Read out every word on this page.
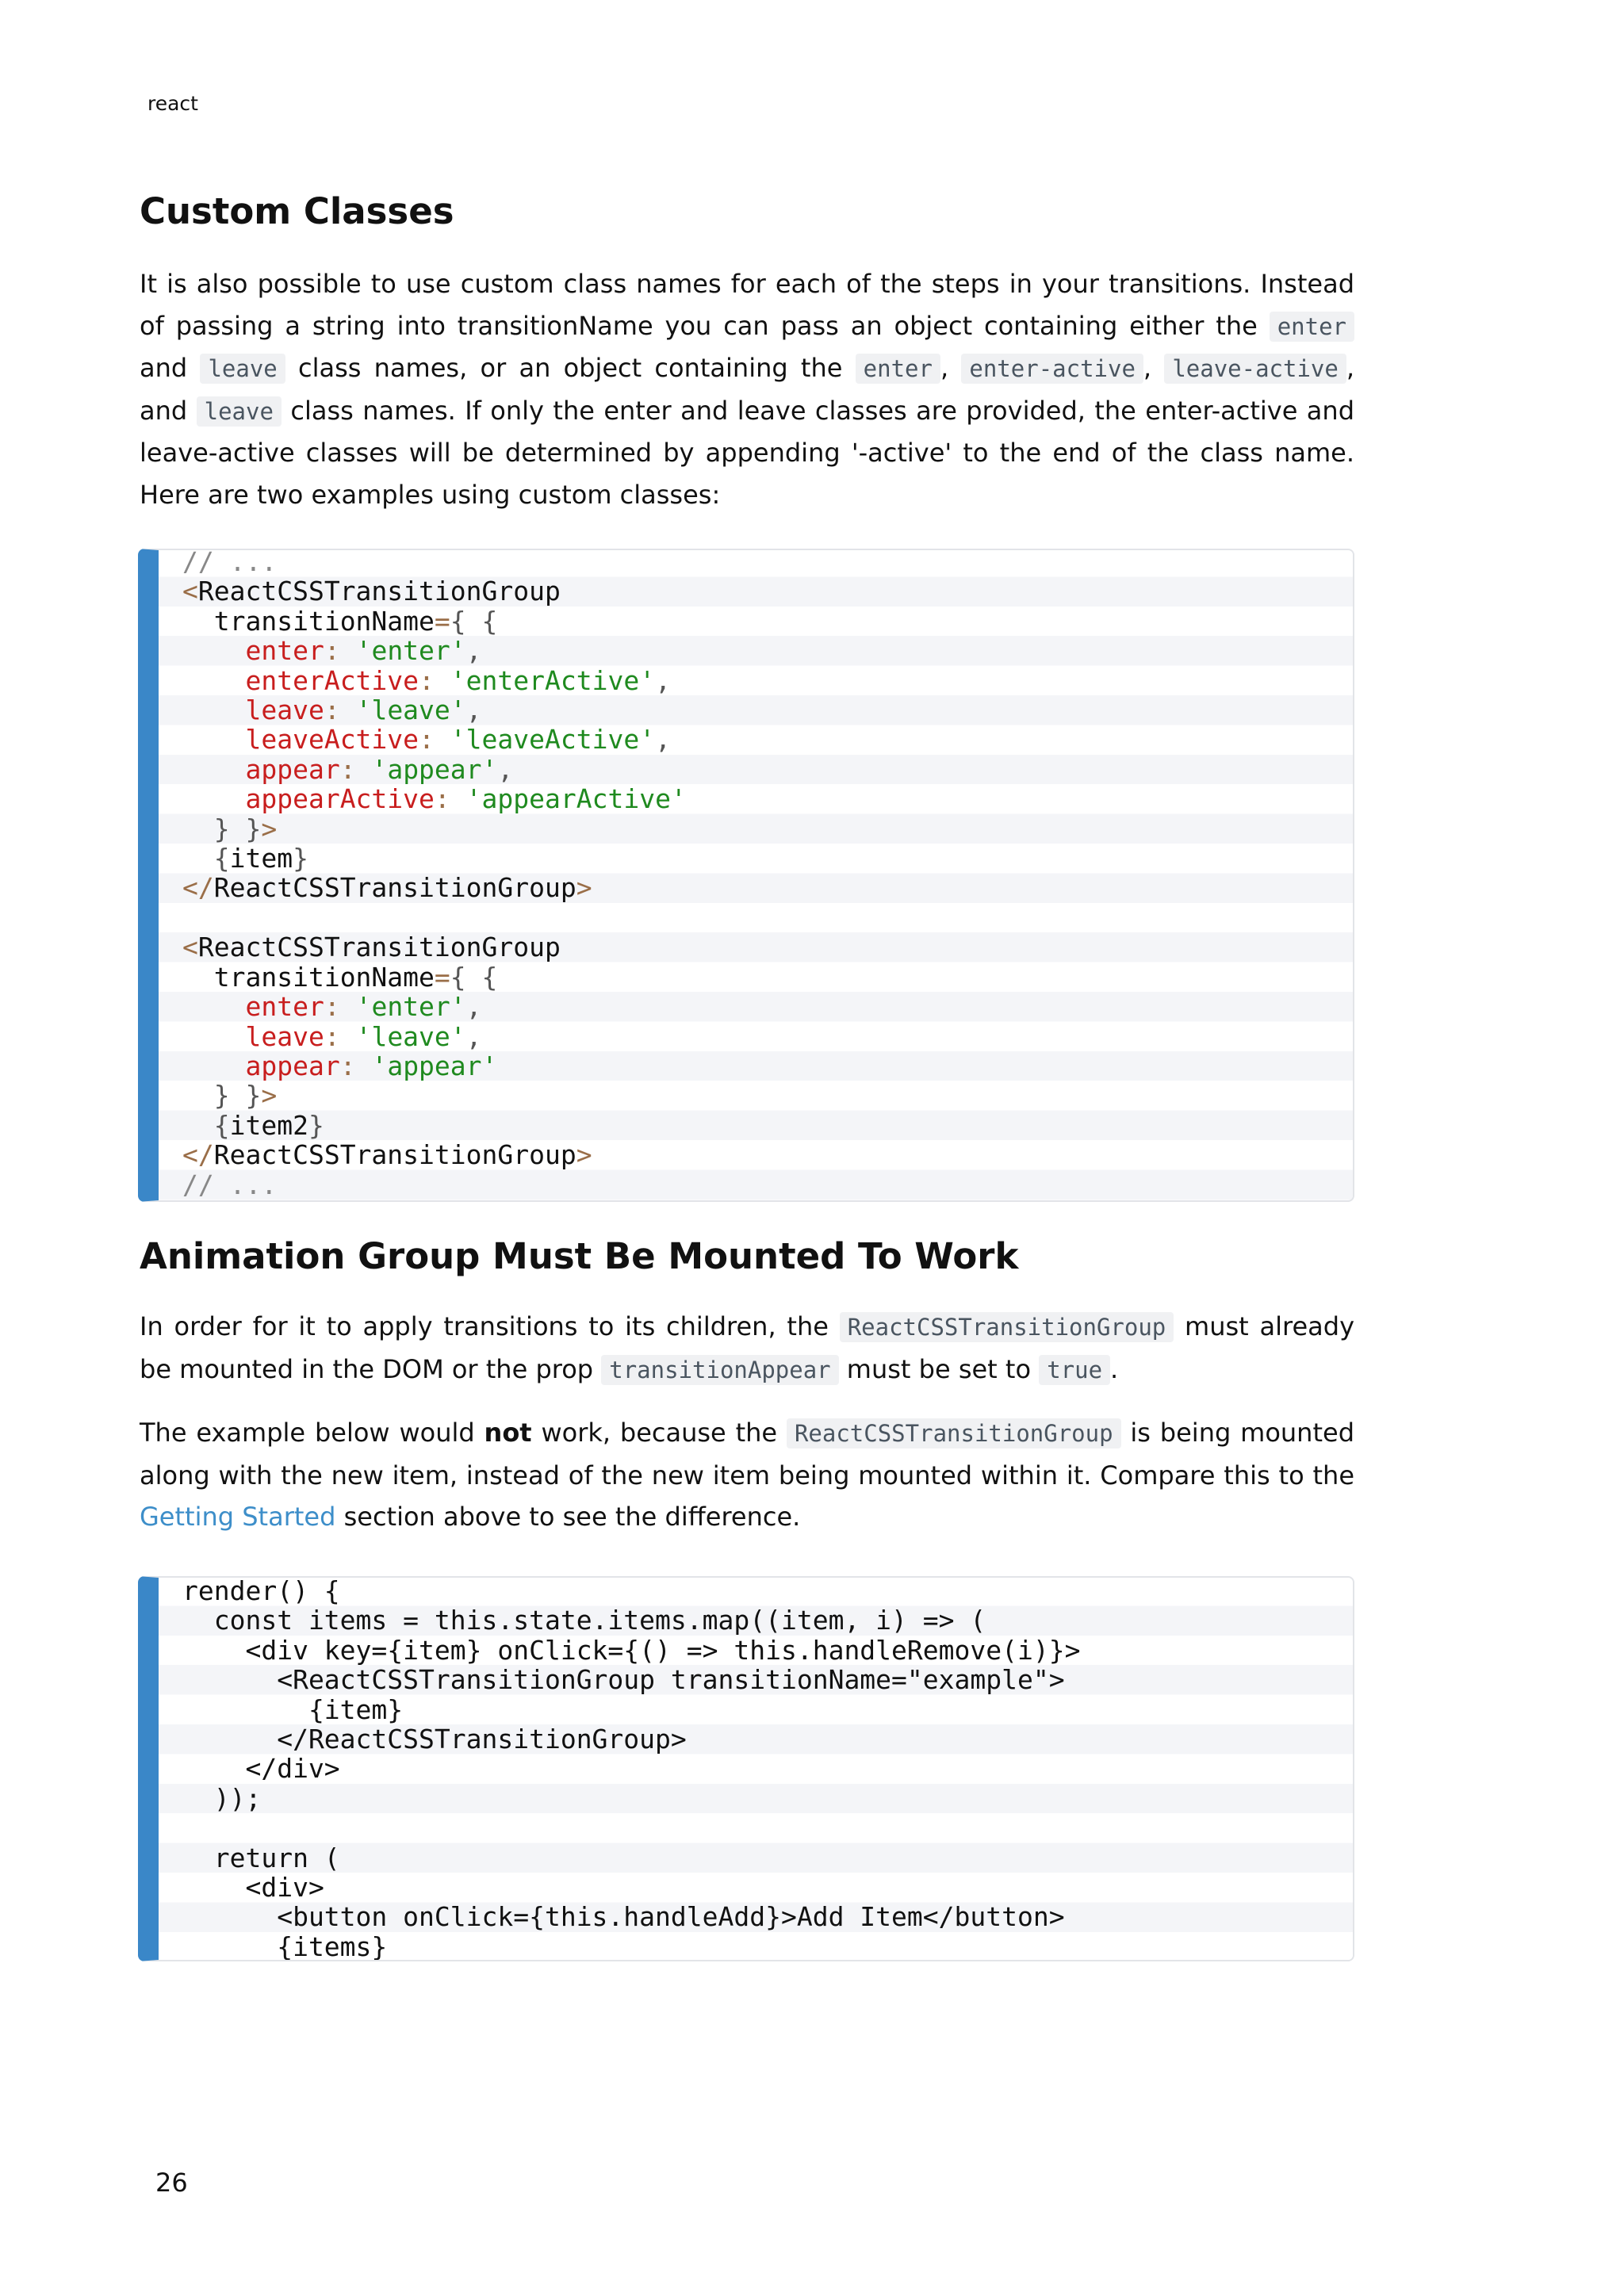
react
Custom Classes

It is also possible to use custom class names for each of the steps in your transitions. Instead of passing a string into transitionName you can pass an object containing either the enter and leave class names, or an object containing the enter , enter-active , leave-active , and leave class names. If only the enter and leave classes are provided, the enter-active and leave-active classes will be determined by appending '-active' to the end of the class name. Here are two examples using custom classes:

// ...
<ReactCSSTransitionGroup
transitionName={ {
enter: 'enter',
enterActive: 'enterActive',
leave: 'leave',
leaveActive: 'leaveActive',
appear: 'appear',
appearActive: 'appearActive'
} }>
{item}
</ReactCSSTransitionGroup>

<ReactCSSTransitionGroup
transitionName={ {
enter: 'enter',
leave: 'leave',
appear: 'appear'
} }>
{item2}
</ReactCSSTransitionGroup>
// ...
Animation Group Must Be Mounted To Work

In order for it to apply transitions to its children, the ReactCSSTransitionGroup must already be mounted in the DOM or the prop transitionAppear must be set to true .

The example below would not work, because the ReactCSSTransitionGroup is being mounted along with the new item, instead of the new item being mounted within it. Compare this to the Getting Started section above to see the difference.

render() {
const items = this.state.items.map((item, i) => (
<div key={item} onClick={() => this.handleRemove(i)}>
<ReactCSSTransitionGroup transitionName="example">
{item}
</ReactCSSTransitionGroup>
</div>
));

return (
<div>
<button onClick={this.handleAdd}>Add Item</button>
{items}
26
